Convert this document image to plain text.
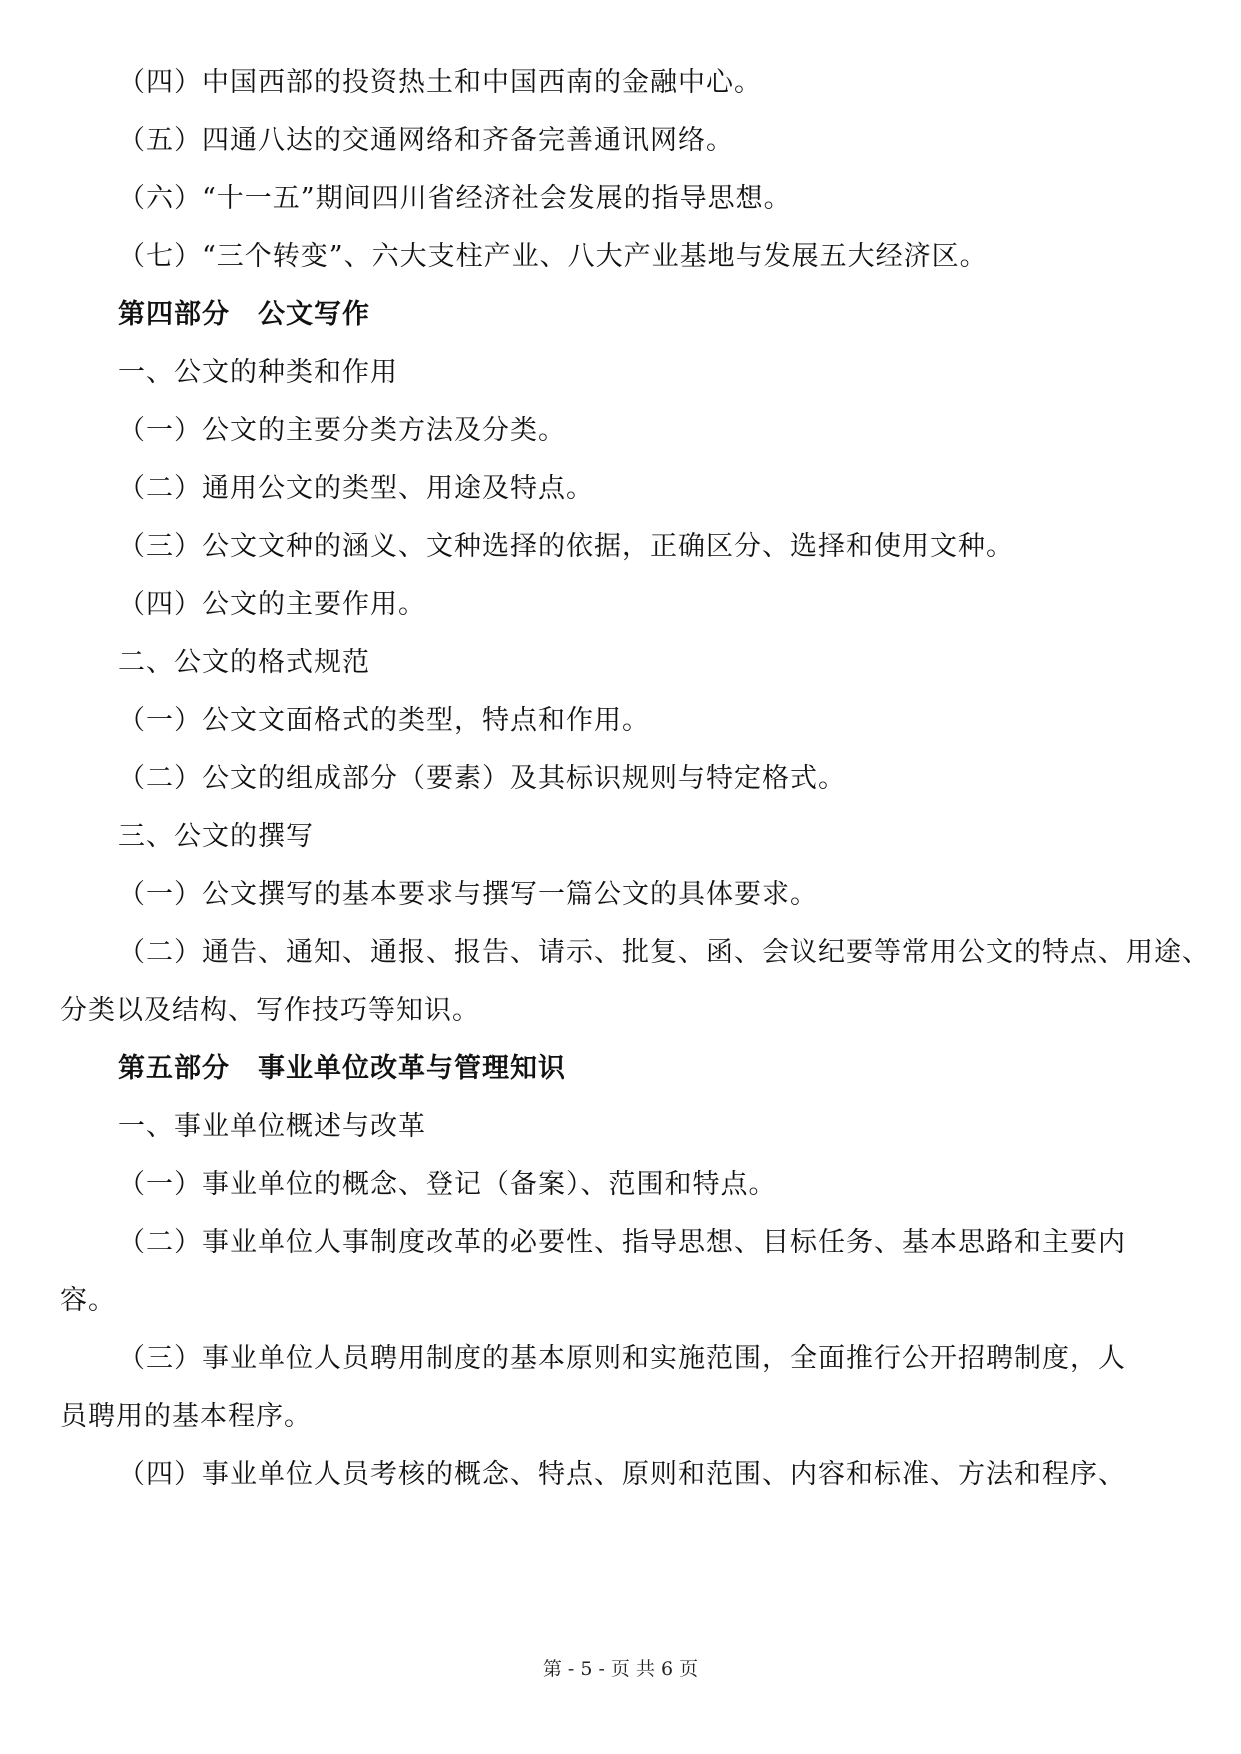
（四）中国西部的投资热土和中国西南的金融中心。
（五）四通八达的交通网络和齐备完善通讯网络。
（六）“十一五”期间四川省经济社会发展的指导思想。
（七）“三个转变”、六大支柱产业、八大产业基地与发展五大经济区。
第四部分　公文写作
一、公文的种类和作用
（一）公文的主要分类方法及分类。
（二）通用公文的类型、用途及特点。
（三）公文文种的涵义、文种选择的依据，正确区分、选择和使用文种。
（四）公文的主要作用。
二、公文的格式规范
（一）公文文面格式的类型，特点和作用。
（二）公文的组成部分（要素）及其标识规则与特定格式。
三、公文的撰写
（一）公文撰写的基本要求与撰写一篇公文的具体要求。
（二）通告、通知、通报、报告、请示、批复、函、会议纪要等常用公文的特点、用途、
分类以及结构、写作技巧等知识。
第五部分　事业单位改革与管理知识
一、事业单位概述与改革
（一）事业单位的概念、登记（备案）、范围和特点。
（二）事业单位人事制度改革的必要性、指导思想、目标任务、基本思路和主要内
容。
（三）事业单位人员聘用制度的基本原则和实施范围，全面推行公开招聘制度，人
员聘用的基本程序。
（四）事业单位人员考核的概念、特点、原则和范围、内容和标准、方法和程序、
第 - 5 - 页 共 6 页
